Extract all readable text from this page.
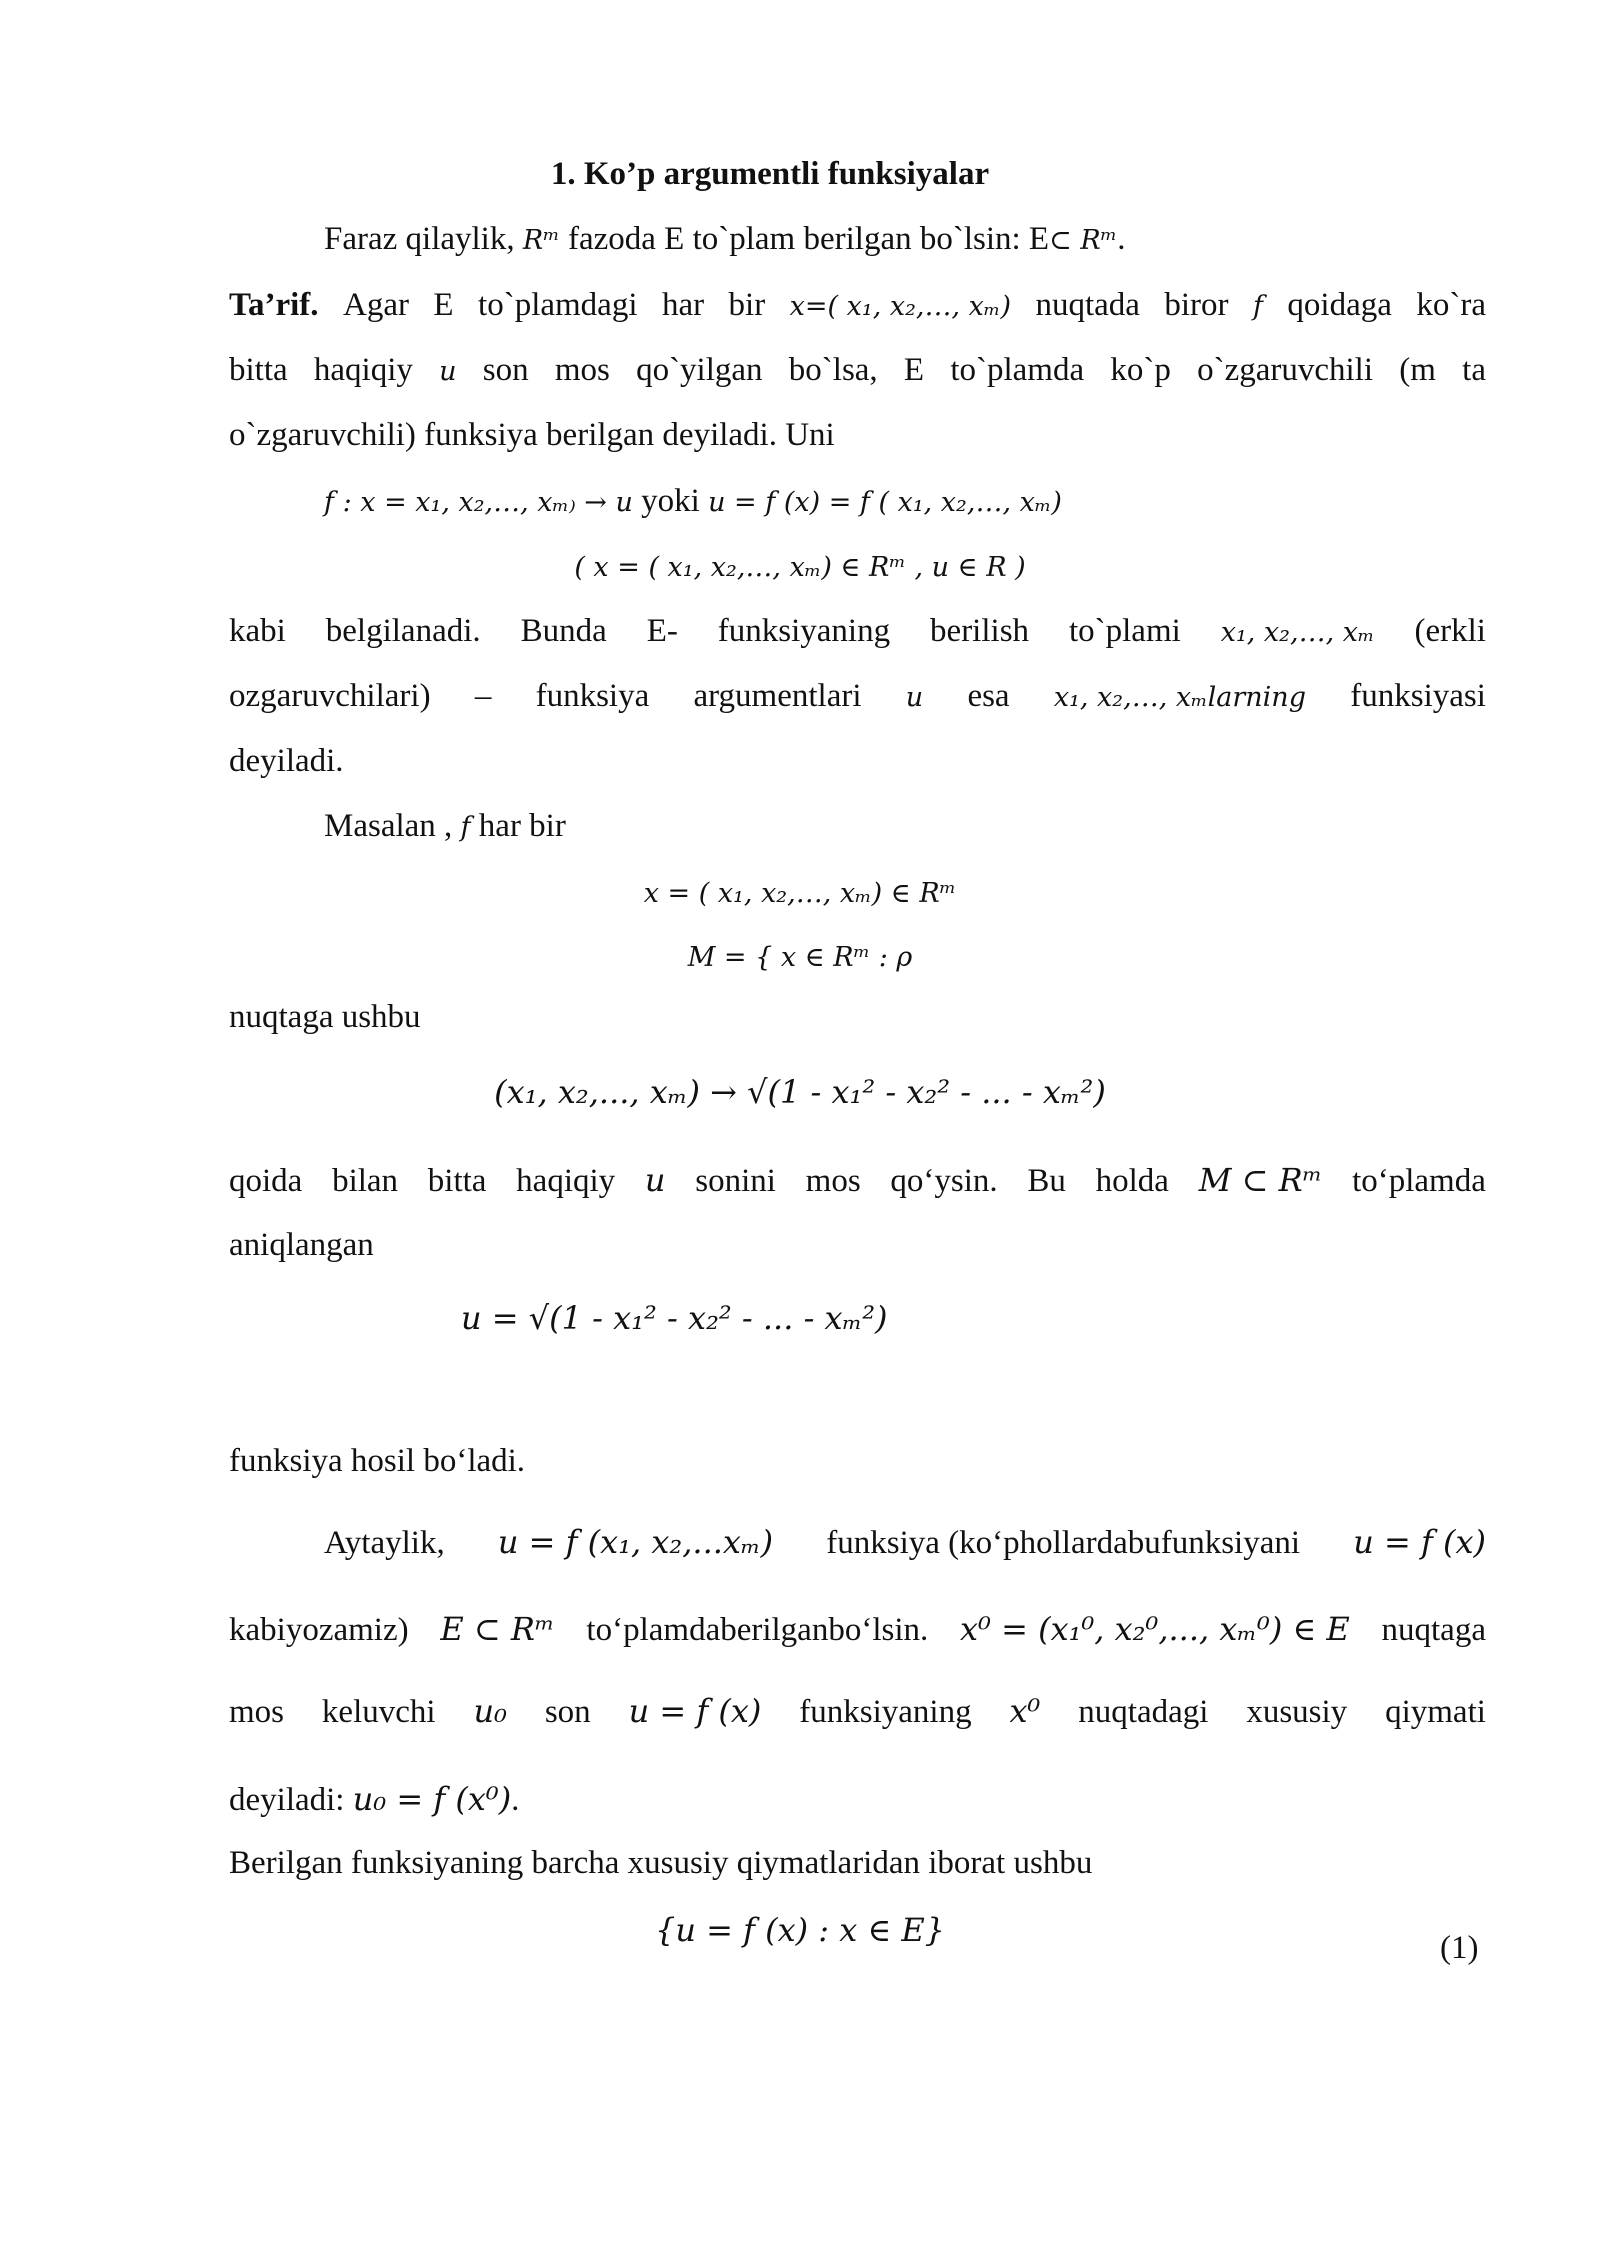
1. Ko’p argumentli funksiyalar
Faraz qilaylik, Rᵐ fazoda E to`plam berilgan bo`lsin: E⊂ Rᵐ.
Ta’rif. Agar E to`plamdagi har bir x=( x₁, x₂,…, xₘ) nuqtada biror f qoidaga ko`ra
bitta haqiqiy u son mos qo`yilgan bo`lsa, E to`plamda ko`p o`zgaruvchili (m ta
o`zgaruvchili) funksiya berilgan deyiladi. Uni
f : x = x₁, x₂,…, xₘ₎ → u yoki u = f (x) = f ( x₁, x₂,…, xₘ)
( x = ( x₁, x₂,…, xₘ) ∈ Rᵐ , u ∈ R )
kabi belgilanadi. Bunda E- funksiyaning berilish to`plami x₁, x₂,…, xₘ (erkli
ozgaruvchilari) – funksiya argumentlari u esa x₁, x₂,…, xₘlarning funksiyasi
deyiladi.
Masalan , f har bir
x = ( x₁, x₂,…, xₘ) ∈ Rᵐ
M = { x ∈ Rᵐ : ρ
nuqtaga ushbu
(x₁, x₂,..., xₘ) → √(1 - x₁² - x₂² - ... - xₘ²)
qoida bilan bitta haqiqiy u sonini mos qo‘ysin. Bu holda M ⊂ Rᵐ to‘plamda
aniqlangan
u = √(1 - x₁² - x₂² - ... - xₘ²)
funksiya hosil bo‘ladi.
Aytaylik, u = f (x₁, x₂,...xₘ) funksiya (ko‘phollardabufunksiyani u = f (x)
kabiyozamiz) E ⊂ Rᵐ to‘plamdaberilganbo‘lsin. x⁰ = (x₁⁰, x₂⁰,..., xₘ⁰) ∈ E nuqtaga
mos keluvchi u₀ son u = f (x) funksiyaning x⁰ nuqtadagi xususiy qiymati
deyiladi: u₀ = f (x⁰).
Berilgan funksiyaning barcha xususiy qiymatlaridan iborat ushbu
{u = f (x) : x ∈ E}	(1)
